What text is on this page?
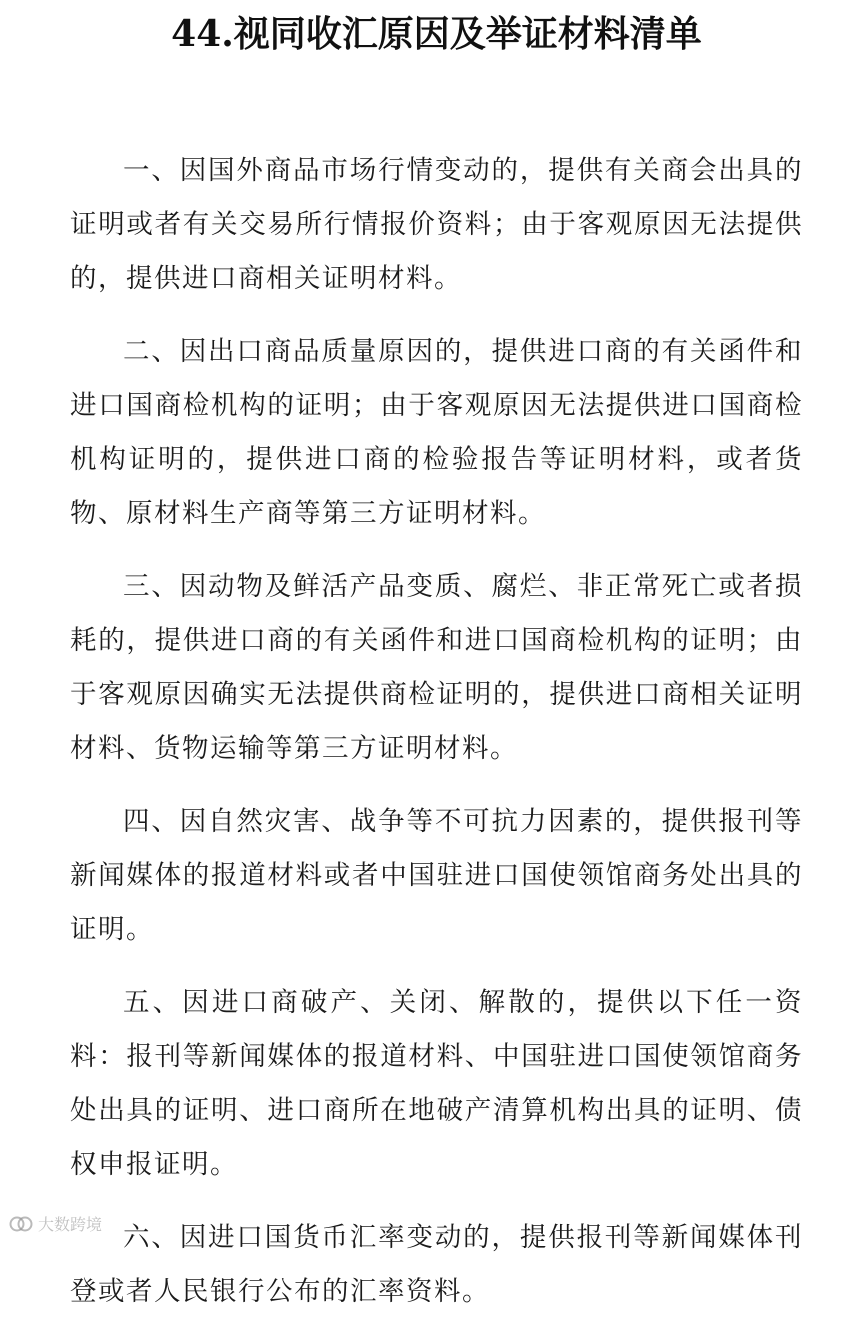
44.视同收汇原因及举证材料清单

一、因国外商品市场行情变动的，提供有关商会出具的证明或者有关交易所行情报价资料；由于客观原因无法提供的，提供进口商相关证明材料。

二、因出口商品质量原因的，提供进口商的有关函件和进口国商检机构的证明；由于客观原因无法提供进口国商检机构证明的，提供进口商的检验报告等证明材料，或者货物、原材料生产商等第三方证明材料。

三、因动物及鲜活产品变质、腐烂、非正常死亡或者损耗的，提供进口商的有关函件和进口国商检机构的证明；由于客观原因确实无法提供商检证明的，提供进口商相关证明材料、货物运输等第三方证明材料。

四、因自然灾害、战争等不可抗力因素的，提供报刊等新闻媒体的报道材料或者中国驻进口国使领馆商务处出具的证明。

五、因进口商破产、关闭、解散的，提供以下任一资料：报刊等新闻媒体的报道材料、中国驻进口国使领馆商务处出具的证明、进口商所在地破产清算机构出具的证明、债权申报证明。

六、因进口国货币汇率变动的，提供报刊等新闻媒体刊登或者人民银行公布的汇率资料。

大数跨境
